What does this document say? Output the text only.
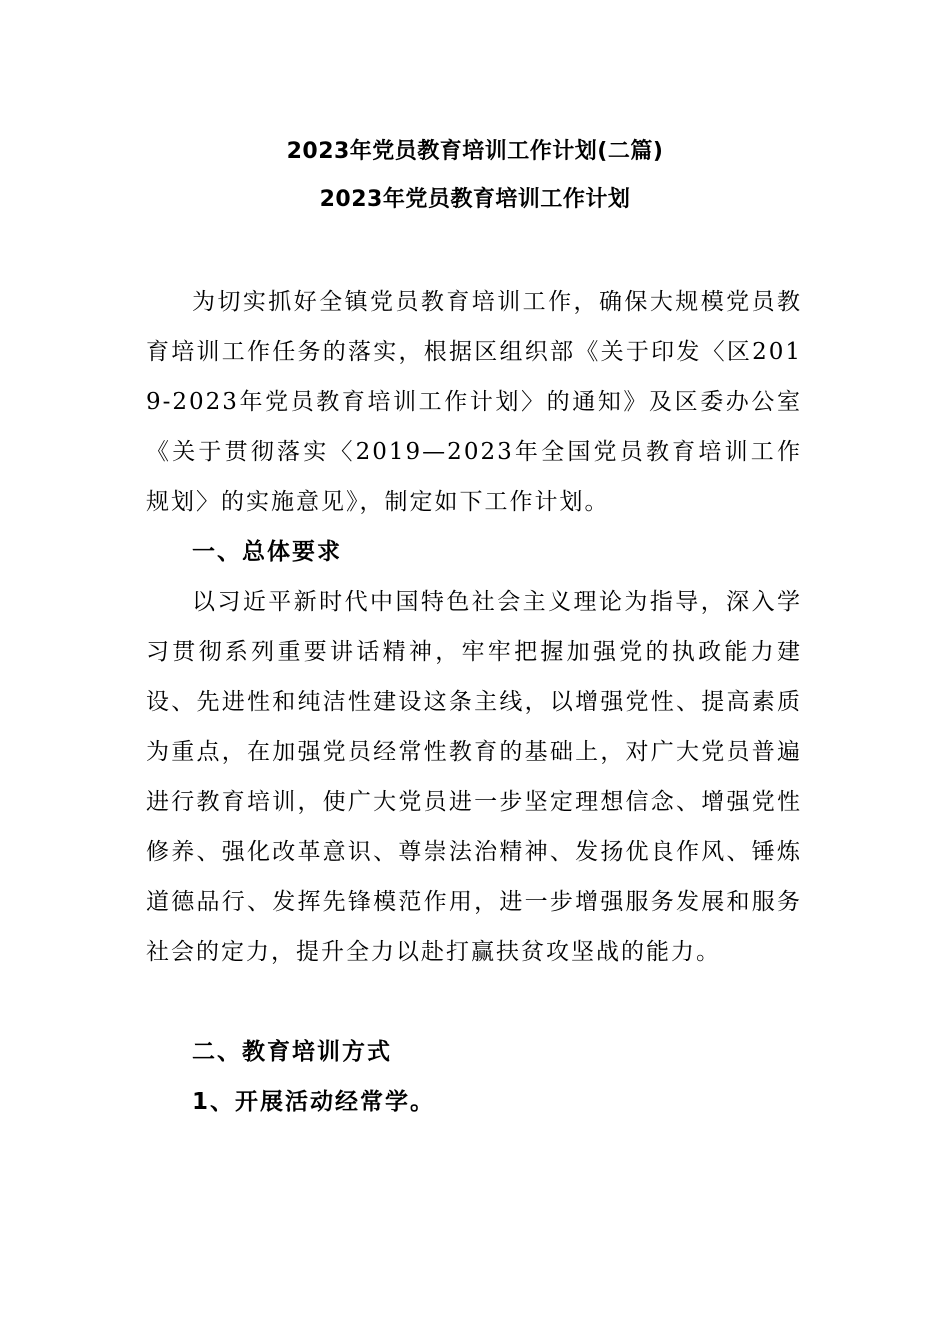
2023年党员教育培训工作计划(二篇)
2023年党员教育培训工作计划

为切实抓好全镇党员教育培训工作，确保大规模党员教育培训工作任务的落实，根据区组织部《关于印发〈区2019-2023年党员教育培训工作计划〉的通知》及区委办公室《关于贯彻落实〈2019—2023年全国党员教育培训工作规划〉的实施意见》，制定如下工作计划。

一、总体要求

以习近平新时代中国特色社会主义理论为指导，深入学习贯彻系列重要讲话精神，牢牢把握加强党的执政能力建设、先进性和纯洁性建设这条主线，以增强党性、提高素质为重点，在加强党员经常性教育的基础上，对广大党员普遍进行教育培训，使广大党员进一步坚定理想信念、增强党性修养、强化改革意识、尊崇法治精神、发扬优良作风、锤炼道德品行、发挥先锋模范作用，进一步增强服务发展和服务社会的定力，提升全力以赴打赢扶贫攻坚战的能力。

二、教育培训方式

1、开展活动经常学。
